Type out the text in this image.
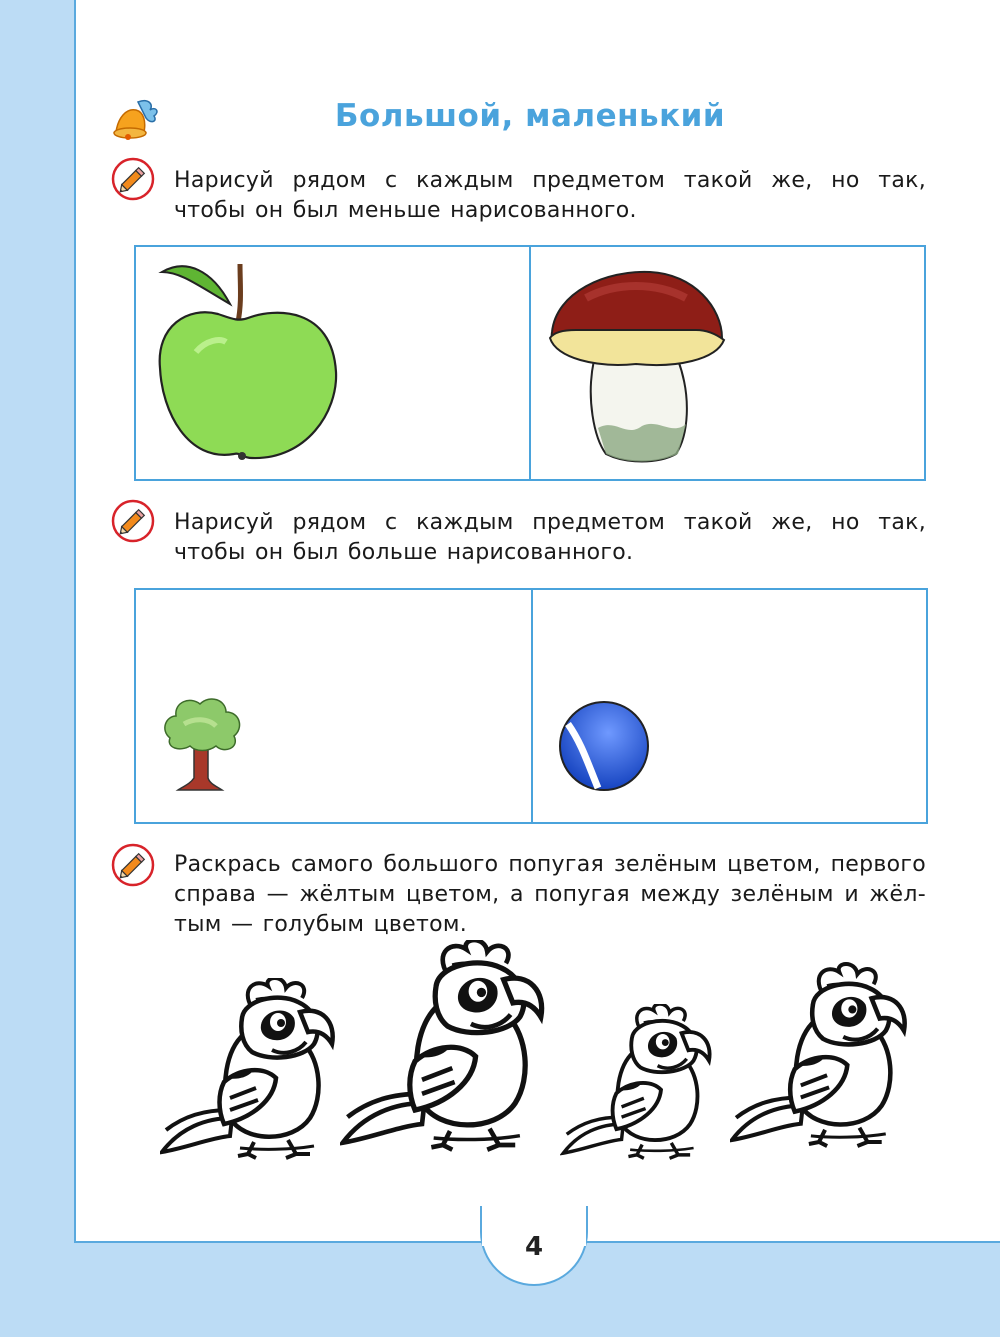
Большой, маленький
Нарисуй рядом с каждым предметом такой же, но так, чтобы он был меньше нарисованного.
Нарисуй рядом с каждым предметом такой же, но так, чтобы он был больше нарисованного.
Раскрась самого большого попугая зелёным цветом, первого справа — жёлтым цветом, а попугая между зелёным и жёл-тым — голубым цветом.
4
